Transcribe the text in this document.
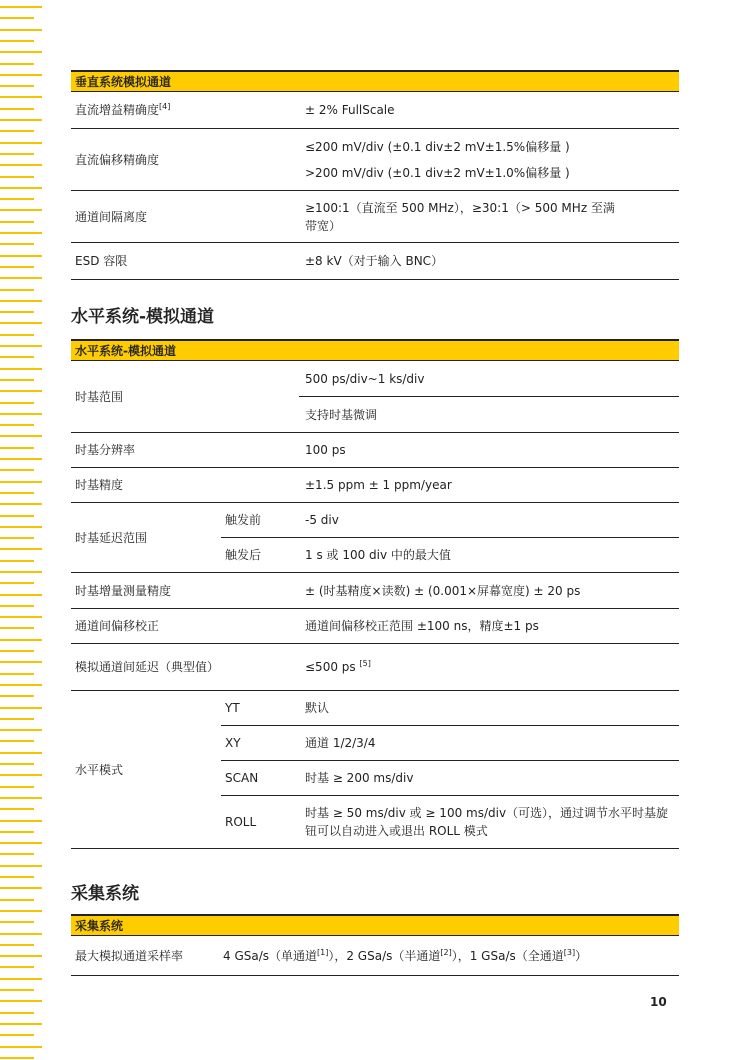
垂直系统模拟通道	
直流增益精确度[4]	± 2% FullScale
直流偏移精确度	≤200 mV/div (±0.1 div±2 mV±1.5%偏移量 )
>200 mV/div (±0.1 div±2 mV±1.0%偏移量 )

通道间隔离度	≥100:1（直流至 500 MHz），≥30:1（> 500 MHz 至满带宽）
ESD 容限	±8 kV（对于输入 BNC）
水平系统-模拟通道
水平系统-模拟通道		
时基范围		500 ps/div~1 ks/div
		支持时基微调
时基分辨率		100 ps
时基精度		±1.5 ppm ± 1 ppm/year
时基延迟范围	触发前	-5 div
	触发后	1 s 或 100 div 中的最大值
时基增量测量精度		± (时基精度×读数) ± (0.001×屏幕宽度) ± 20 ps
通道间偏移校正		通道间偏移校正范围 ±100 ns，精度±1 ps
模拟通道间延迟（典型值）		≤500 ps [5]
水平模式	YT	默认
	XY	通道 1/2/3/4
	SCAN	时基 ≥ 200 ms/div
	ROLL	时基 ≥ 50 ms/div 或 ≥ 100 ms/div（可选），通过调节水平时基旋钮可以自动进入或退出 ROLL 模式
采集系统
采集系统
最大模拟通道采样率	4 GSa/s（单通道[1]），2 GSa/s（半通道[2]），1 GSa/s（全通道[3]）
10
